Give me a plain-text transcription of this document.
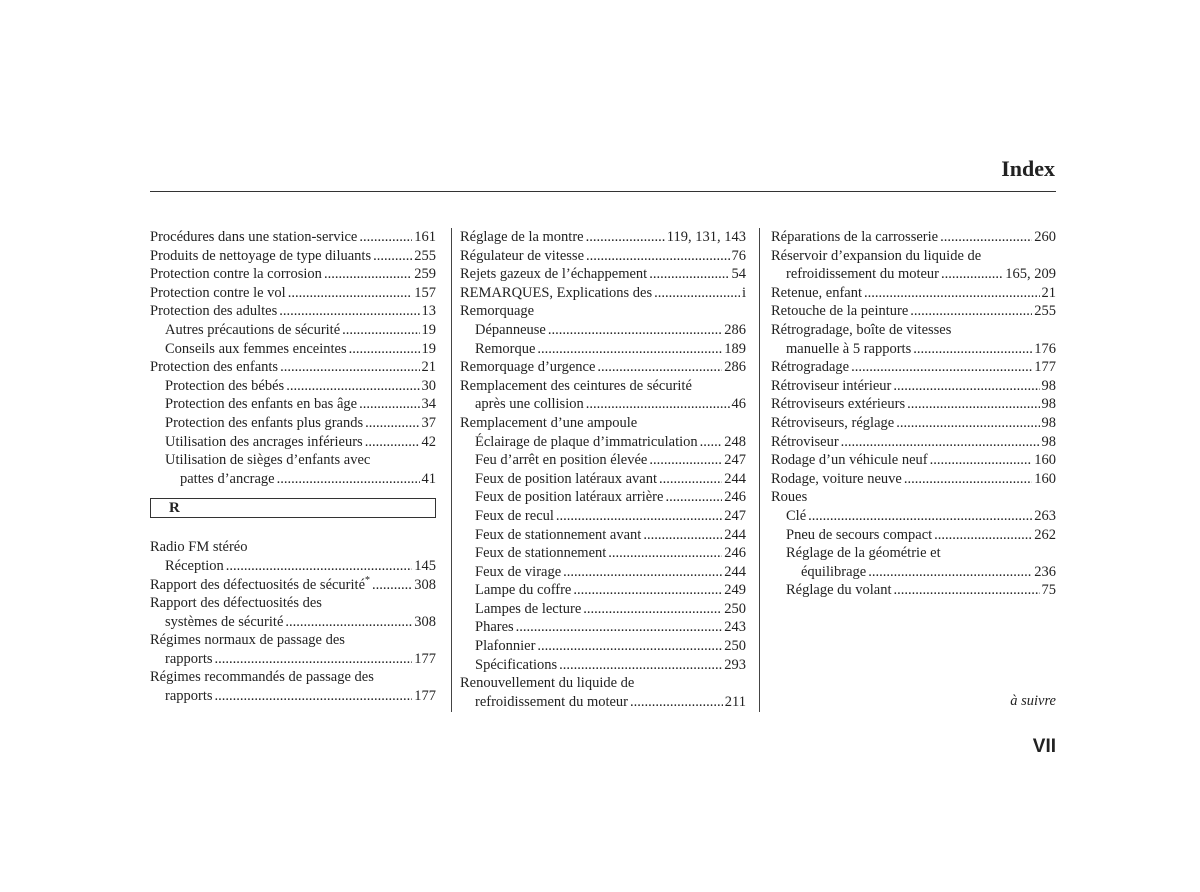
Index
Procédures dans une station-service .....	161
Produits de nettoyage de type diluants .....	255
Protection contre la corrosion .....	259
Protection contre le vol .....	157
Protection des adultes .....	13
Autres précautions de sécurité .....	19
Conseils aux femmes enceintes .....	19
Protection des enfants .....	21
Protection des bébés .....	30
Protection des enfants en bas âge .....	34
Protection des enfants plus grands .....	37
Utilisation des ancrages inférieurs .....	42
Utilisation de sièges d’enfants avec
pattes d’ancrage .....	41
R
Radio FM stéréo
Réception .....	145
Rapport des défectuosités de sécurité* .....	308
Rapport des défectuosités des
systèmes de sécurité .....	308
Régimes normaux de passage des
rapports .....	177
Régimes recommandés de passage des
rapports .....	177
Réglage de la montre .....	119, 131, 143
Régulateur de vitesse .....	76
Rejets gazeux de l’échappement .....	54
REMARQUES, Explications des .....	i
Remorquage
Dépanneuse .....	286
Remorque .....	189
Remorquage d’urgence .....	286
Remplacement des ceintures de sécurité
après une collision .....	46
Remplacement d’une ampoule
Éclairage de plaque d’immatriculation ..... 248
Feu d’arrêt en position élevée .....	247
Feux de position latéraux avant .....	244
Feux de position latéraux arrière .....	246
Feux de recul .....	247
Feux de stationnement avant .....	244
Feux de stationnement .....	246
Feux de virage .....	244
Lampe du coffre .....	249
Lampes de lecture .....	250
Phares .....	243
Plafonnier .....	250
Spécifications .....	293
Renouvellement du liquide de
refroidissement du moteur .....	211
Réparations de la carrosserie .....	260
Réservoir d’expansion du liquide de
refroidissement du moteur .....	165, 209
Retenue, enfant .....	21
Retouche de la peinture .....	255
Rétrogradage, boîte de vitesses
manuelle à 5 rapports .....	176
Rétrogradage .....	177
Rétroviseur intérieur .....	98
Rétroviseurs extérieurs .....	98
Rétroviseurs, réglage .....	98
Rétroviseur .....	98
Rodage d’un véhicule neuf .....	160
Rodage, voiture neuve .....	160
Roues
Clé .....	263
Pneu de secours compact .....	262
Réglage de la géométrie et
équilibrage .....	236
Réglage du volant .....	75
à suivre
VII
